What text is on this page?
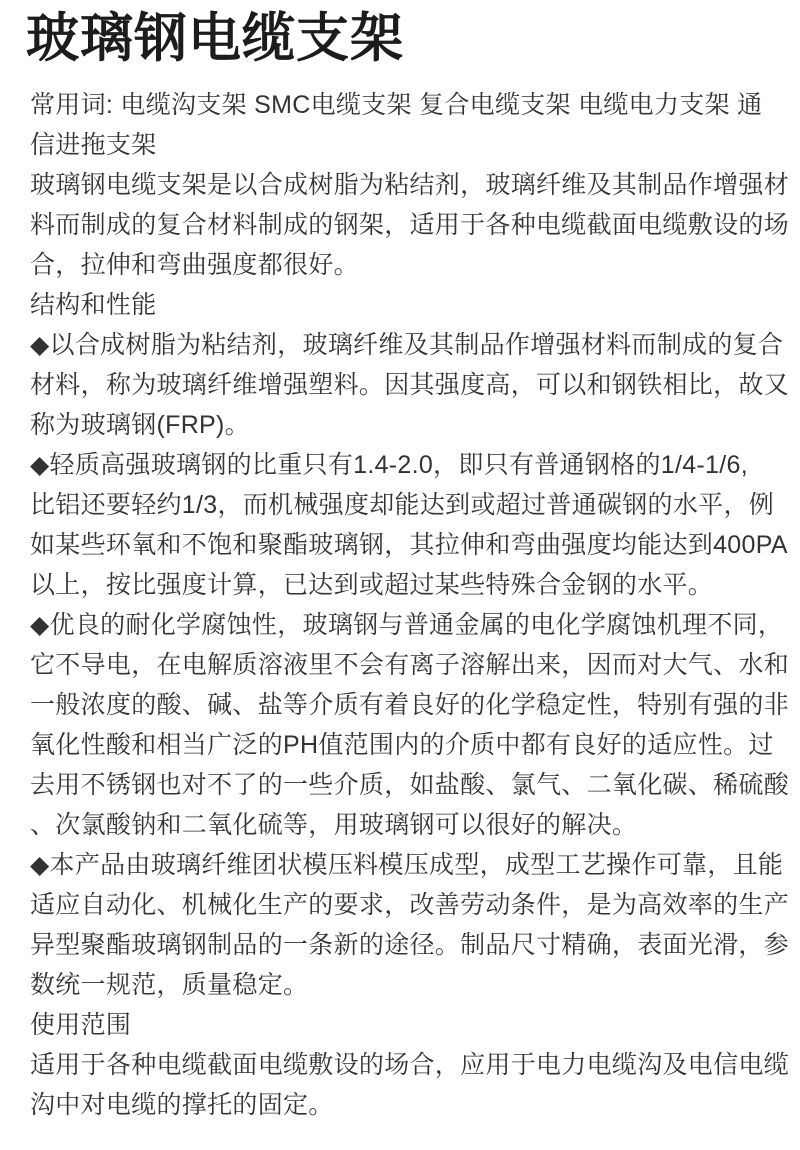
玻璃钢电缆支架
常用词: 电缆沟支架 SMC电缆支架 复合电缆支架 电缆电力支架 通
信进拖支架
玻璃钢电缆支架是以合成树脂为粘结剂，玻璃纤维及其制品作增强材
料而制成的复合材料制成的钢架，适用于各种电缆截面电缆敷设的场
合，拉伸和弯曲强度都很好。
结构和性能
◆以合成树脂为粘结剂，玻璃纤维及其制品作增强材料而制成的复合
材料，称为玻璃纤维增强塑料。因其强度高，可以和钢铁相比，故又
称为玻璃钢(FRP)。
◆轻质高强玻璃钢的比重只有1.4-2.0，即只有普通钢格的1/4-1/6,
比铝还要轻约1/3，而机械强度却能达到或超过普通碳钢的水平，例
如某些环氧和不饱和聚酯玻璃钢，其拉伸和弯曲强度均能达到400PA
以上，按比强度计算，已达到或超过某些特殊合金钢的水平。
◆优良的耐化学腐蚀性，玻璃钢与普通金属的电化学腐蚀机理不同，
它不导电，在电解质溶液里不会有离子溶解出来，因而对大气、水和
一般浓度的酸、碱、盐等介质有着良好的化学稳定性，特别有强的非
氧化性酸和相当广泛的PH值范围内的介质中都有良好的适应性。过
去用不锈钢也对不了的一些介质，如盐酸、氯气、二氧化碳、稀硫酸
、次氯酸钠和二氧化硫等，用玻璃钢可以很好的解决。
◆本产品由玻璃纤维团状模压料模压成型，成型工艺操作可靠，且能
适应自动化、机械化生产的要求，改善劳动条件，是为高效率的生产
异型聚酯玻璃钢制品的一条新的途径。制品尺寸精确，表面光滑，参
数统一规范，质量稳定。
使用范围
适用于各种电缆截面电缆敷设的场合，应用于电力电缆沟及电信电缆
沟中对电缆的撑托的固定。
